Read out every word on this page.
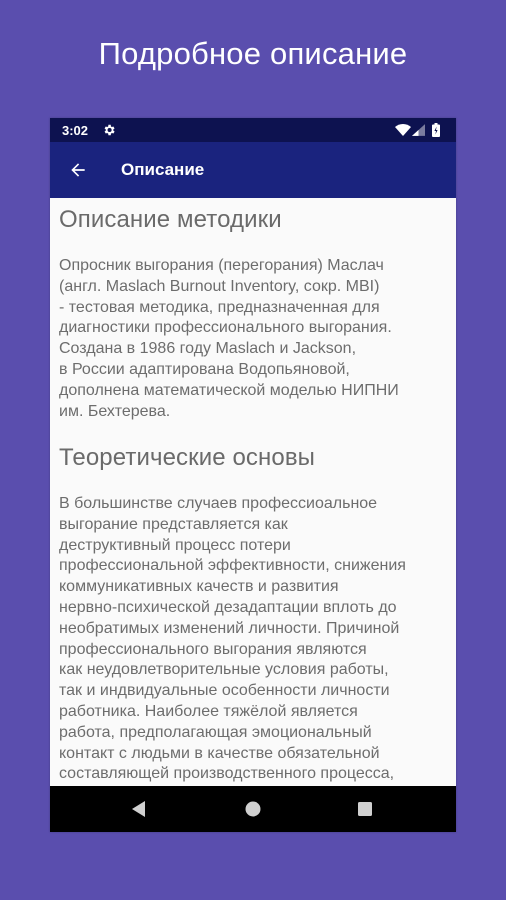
Подробное описание
3:02
Описание
Описание методики

Опросник выгорания (перегорания) Маслач
(англ. Maslach Burnout Inventory, сокр. MBI)
- тестовая методика, предназначенная для
диагностики профессионального выгорания.
Создана в 1986 году Maslach и Jackson,
в России адаптирована Водопьяновой,
дополнена математической моделью НИПНИ
им. Бехтерева.

Теоретические основы

В большинстве случаев профессиоальное
выгорание представляется как
деструктивный процесс потери
профессиональной эффективности, снижения
коммуникативных качеств и развития
нервно-психической дезадаптации вплоть до
необратимых изменений личности. Причиной
профессионального выгорания являются
как неудовлетворительные условия работы,
так и индвидуальные особенности личности
работника. Наиболее тяжёлой является
работа, предполагающая эмоциональный
контакт с людьми в качестве обязательной
составляющей производственного процесса,
